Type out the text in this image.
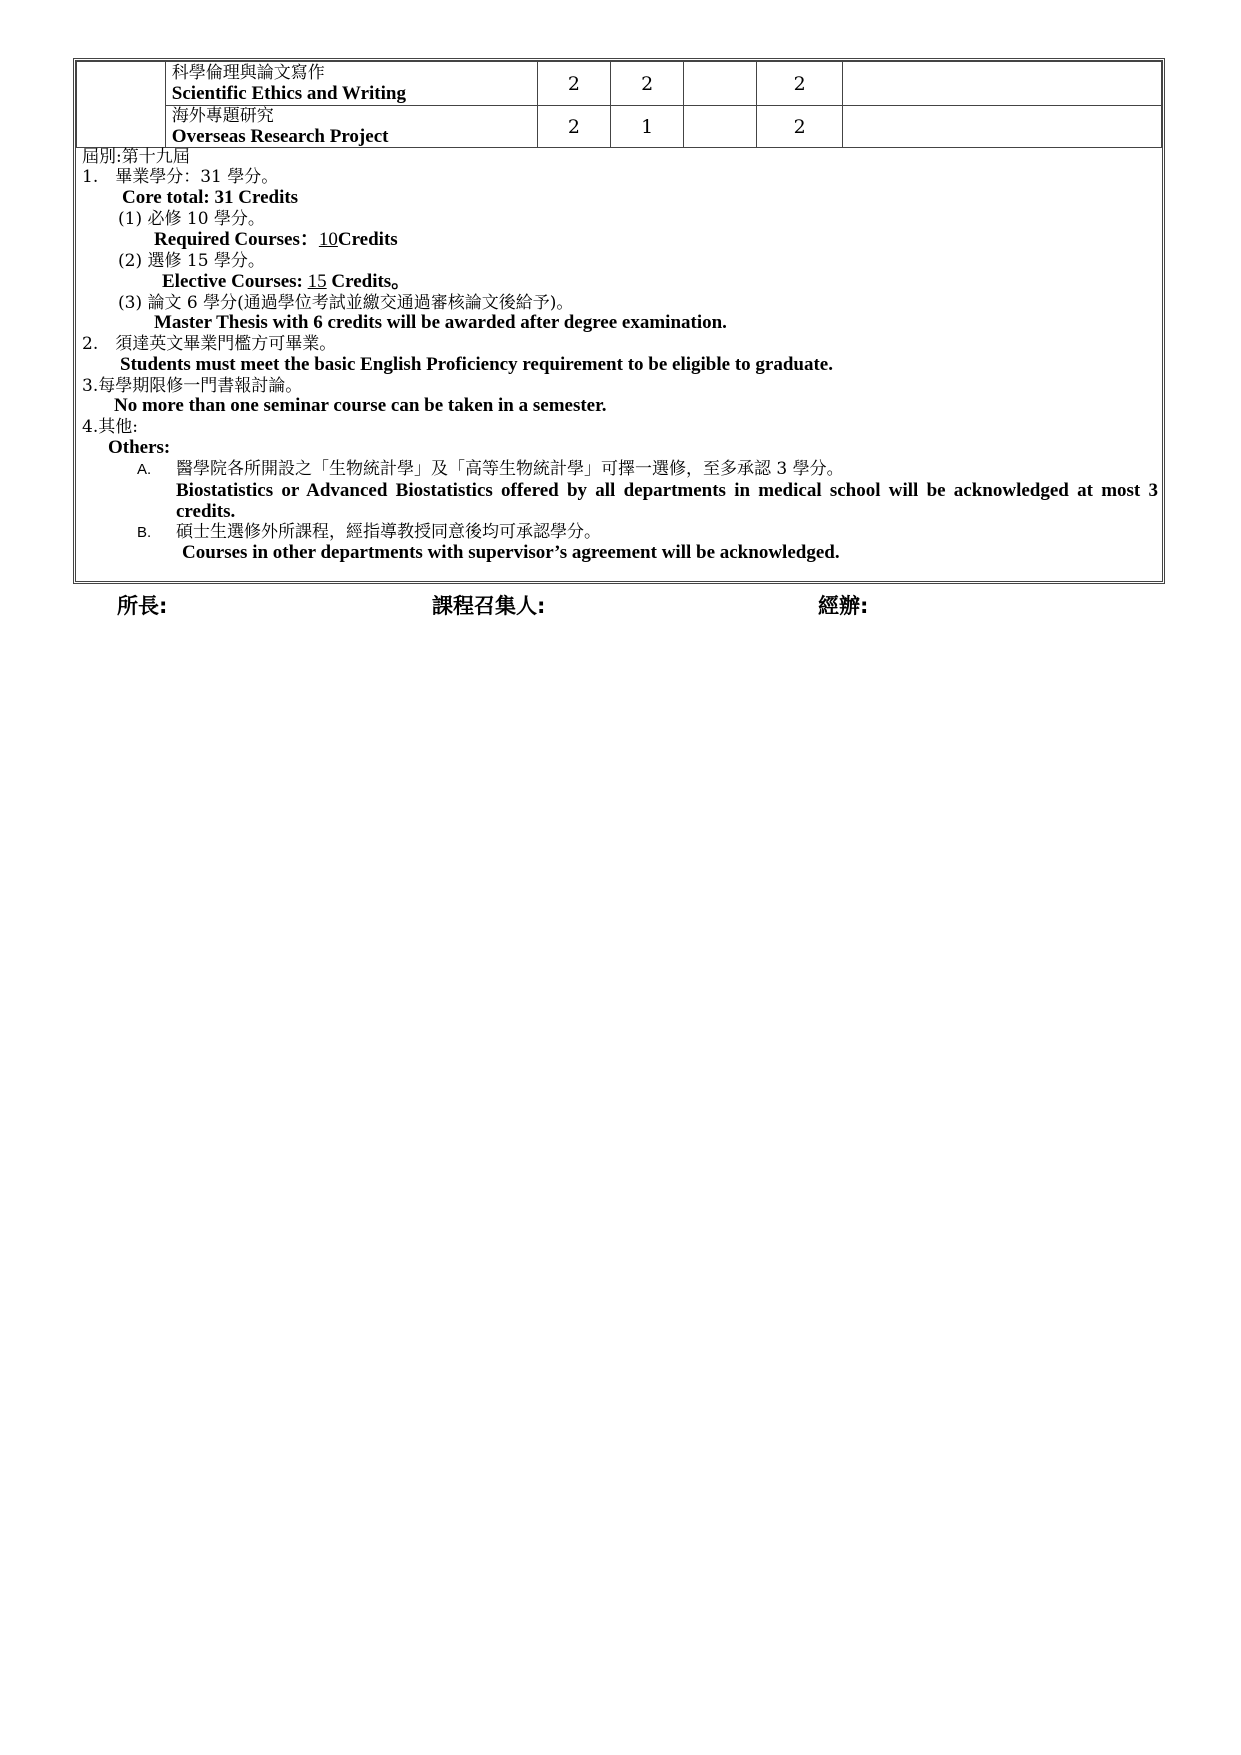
	科學倫理與論文寫作
Scientific Ethics and Writing	2	2		2	

	海外專題研究
Overseas Research Project	2	1		2	
屆別:第十九屆
1.　畢業學分：31 學分。
Core total: 31 Credits
(1) 必修 10 學分。
Required Courses：10Credits
(2) 選修 15 學分。
Elective Courses: 15 Credits。
(3) 論文 6 學分(通過學位考試並繳交通過審核論文後給予)。
Master Thesis with 6 credits will be awarded after degree examination.
2.　須達英文畢業門檻方可畢業。
Students must meet the basic English Proficiency requirement to be eligible to graduate.
3.每學期限修一門書報討論。
No more than one seminar course can be taken in a semester.
4.其他:
Others:
A. 醫學院各所開設之「生物統計學」及「高等生物統計學」可擇一選修，至多承認 3 學分。
Biostatistics or Advanced Biostatistics offered by all departments in medical school will be acknowledged at most 3 credits.
B. 碩士生選修外所課程，經指導教授同意後均可承認學分。
Courses in other departments with supervisor’s agreement will be acknowledged.
所長:	課程召集人:	經辦:
